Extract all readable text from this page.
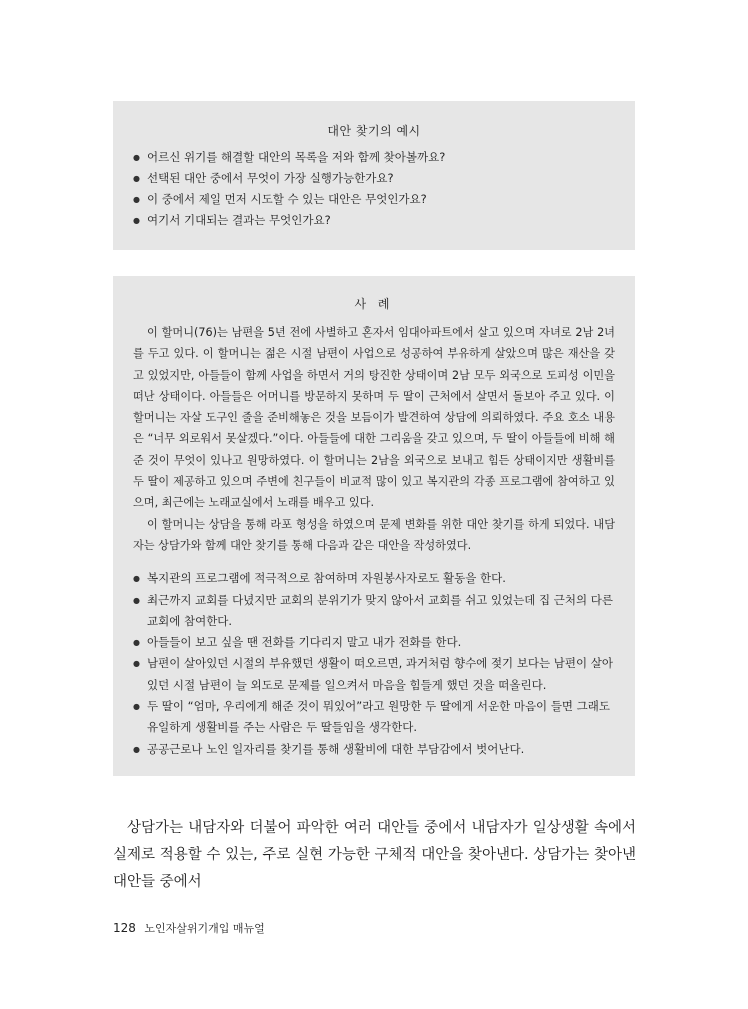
대안 찾기의 예시
● 어르신 위기를 해결할 대안의 목록을 저와 함께 찾아볼까요?
● 선택된 대안 중에서 무엇이 가장 실행가능한가요?
● 이 중에서 제일 먼저 시도할 수 있는 대안은 무엇인가요?
● 여기서 기대되는 결과는 무엇인가요?
사 례

이 할머니(76)는 남편을 5년 전에 사별하고 혼자서 임대아파트에서 살고 있으며 자녀로 2남 2녀를 두고 있다. 이 할머니는 젊은 시절 남편이 사업으로 성공하여 부유하게 살았으며 많은 재산을 갖고 있었지만, 아들들이 함께 사업을 하면서 거의 탕진한 상태이며 2남 모두 외국으로 도피성 이민을 떠난 상태이다. 아들들은 어머니를 방문하지 못하며 두 딸이 근처에서 살면서 돌보아 주고 있다. 이 할머니는 자살 도구인 줄을 준비해놓은 것을 보듬이가 발견하여 상담에 의뢰하였다. 주요 호소 내용은 “너무 외로워서 못살겠다.”이다. 아들들에 대한 그리움을 갖고 있으며, 두 딸이 아들들에 비해 해준 것이 무엇이 있나고 원망하였다. 이 할머니는 2남을 외국으로 보내고 힘든 상태이지만 생활비를 두 딸이 제공하고 있으며 주변에 친구들이 비교적 많이 있고 복지관의 각종 프로그램에 참여하고 있으며, 최근에는 노래교실에서 노래를 배우고 있다.

이 할머니는 상담을 통해 라포 형성을 하였으며 문제 변화를 위한 대안 찾기를 하게 되었다. 내담자는 상담가와 함께 대안 찾기를 통해 다음과 같은 대안을 작성하였다.

● 복지관의 프로그램에 적극적으로 참여하며 자원봉사자로도 활동을 한다.
● 최근까지 교회를 다녔지만 교회의 분위기가 맞지 않아서 교회를 쉬고 있었는데 집 근처의 다른 교회에 참여한다.
● 아들들이 보고 싶을 땐 전화를 기다리지 말고 내가 전화를 한다.
● 남편이 살아있던 시절의 부유했던 생활이 떠오르면, 과거처럼 향수에 젖기 보다는 남편이 살아 있던 시절 남편이 늘 외도로 문제를 일으켜서 마음을 힘들게 했던 것을 떠올린다.
● 두 딸이 “엄마, 우리에게 해준 것이 뭐있어”라고 원망한 두 딸에게 서운한 마음이 들면 그래도 유일하게 생활비를 주는 사람은 두 딸들임을 생각한다.
● 공공근로나 노인 일자리를 찾기를 통해 생활비에 대한 부담감에서 벗어난다.

상담가는 내담자와 더불어 파악한 여러 대안들 중에서 내담자가 일상생활 속에서 실제로 적용할 수 있는, 주로 실현 가능한 구체적 대안을 찾아낸다. 상담가는 찾아낸 대안들 중에서

128 노인자살위기개입 매뉴얼
